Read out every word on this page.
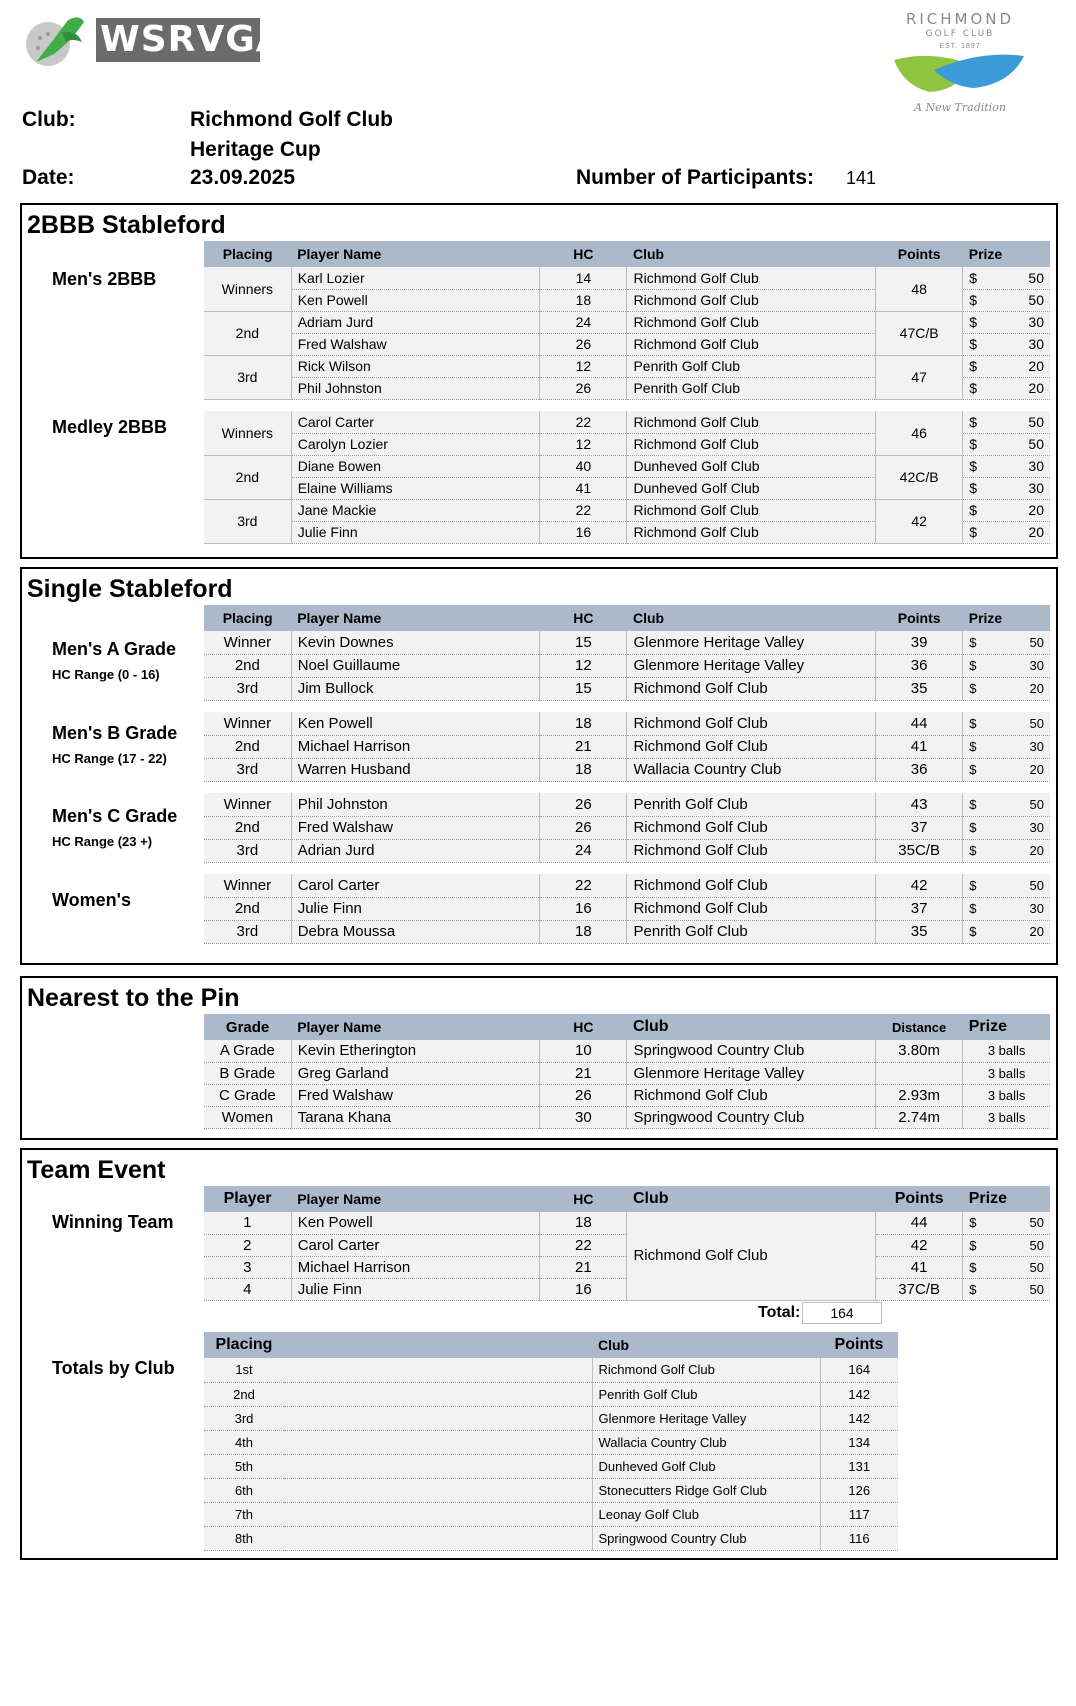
WSRVGA	RICHMOND
GOLF CLUB
EST. 1897
A New Tradition
Club:	Richmond Golf Club
Heritage Cup
Date:	23.09.2025	Number of Participants: 141
2BBB Stableford
Men's 2BBB
Medley 2BBB
Placing	Player Name	HC	Club	Points	Prize
Winners	Karl Lozier	14	Richmond Golf Club	48	$ 50

	Ken Powell	18	Richmond Golf Club		$ 50

2nd	Adriam Jurd	24	Richmond Golf Club	47C/B	$ 30

	Fred Walshaw	26	Richmond Golf Club		$ 30

3rd	Rick Wilson	12	Penrith Golf Club	47	$ 20

	Phil Johnston	26	Penrith Golf Club		$ 20

Winners	Carol Carter	22	Richmond Golf Club	46	$ 50

	Carolyn Lozier	12	Richmond Golf Club		$ 50

2nd	Diane Bowen	40	Dunheved Golf Club	42C/B	$ 30

	Elaine Williams	41	Dunheved Golf Club		$ 30

3rd	Jane Mackie	22	Richmond Golf Club	42	$ 20

	Julie Finn	16	Richmond Golf Club		$ 20
Single Stableford
Men's A Grade
HC Range (0 - 16)
Men's B Grade
HC Range (17 - 22)
Men's C Grade
HC Range (23 +)
Women's
Placing	Player Name	HC	Club	Points	Prize
Winner	Kevin Downes	15	Glenmore Heritage Valley	39	$ 50

2nd	Noel Guillaume	12	Glenmore Heritage Valley	36	$ 30

3rd	Jim Bullock	15	Richmond Golf Club	35	$ 20

Winner	Ken Powell	18	Richmond Golf Club	44	$ 50

2nd	Michael Harrison	21	Richmond Golf Club	41	$ 30

3rd	Warren Husband	18	Wallacia Country Club	36	$ 20

Winner	Phil Johnston	26	Penrith Golf Club	43	$ 50

2nd	Fred Walshaw	26	Richmond Golf Club	37	$ 30

3rd	Adrian Jurd	24	Richmond Golf Club	35C/B	$ 20

Winner	Carol Carter	22	Richmond Golf Club	42	$ 50

2nd	Julie Finn	16	Richmond Golf Club	37	$ 30

3rd	Debra Moussa	18	Penrith Golf Club	35	$ 20
Nearest to the Pin
Grade	Player Name	HC	Club	Distance	Prize
A Grade	Kevin Etherington	10	Springwood Country Club	3.80m	3 balls
B Grade	Greg Garland	21	Glenmore Heritage Valley		3 balls
C Grade	Fred Walshaw	26	Richmond Golf Club	2.93m	3 balls
Women	Tarana Khana	30	Springwood Country Club	2.74m	3 balls
Team Event
Winning Team
Player	Player Name	HC	Club	Points	Prize
1	Ken Powell	18	Richmond Golf Club	44	$ 50

2	Carol Carter	22		42	$ 50

3	Michael Harrison	21		41	$ 50

4	Julie Finn	16		37C/B	$ 50
Total:	164
Totals by Club
Placing		Club	Points
1st		Richmond Golf Club	164
2nd		Penrith Golf Club	142
3rd		Glenmore Heritage Valley	142
4th		Wallacia Country Club	134
5th		Dunheved Golf Club	131
6th		Stonecutters Ridge Golf Club	126
7th		Leonay Golf Club	117
8th		Springwood Country Club	116
